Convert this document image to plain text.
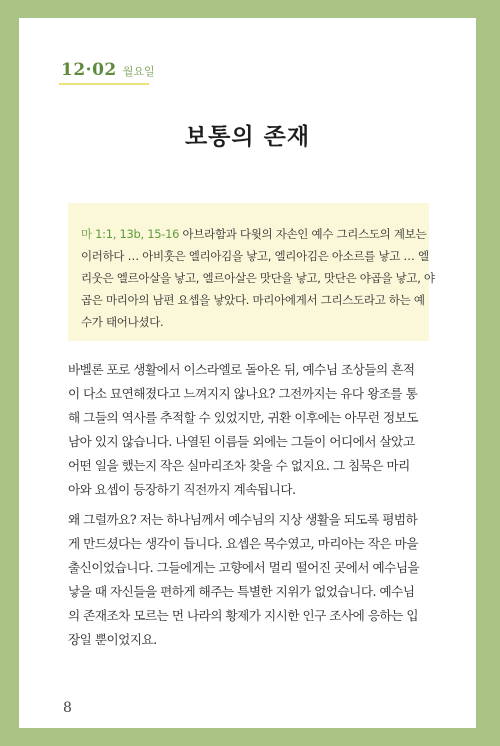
12·02 월요일
보통의 존재
마 1:1, 13b, 15-16 아브라함과 다윗의 자손인 예수 그리스도의 계보는
이러하다 … 아비훗은 엘리아김을 낳고, 엘리아김은 아소르를 낳고 … 엘
리웃은 엘르아살을 낳고, 엘르아살은 맛단을 낳고, 맛단은 야곱을 낳고, 야
곱은 마리아의 남편 요셉을 낳았다. 마리아에게서 그리스도라고 하는 예
수가 태어나셨다.
바벨론 포로 생활에서 이스라엘로 돌아온 뒤, 예수님 조상들의 흔적
이 다소 묘연해졌다고 느껴지지 않나요? 그전까지는 유다 왕조를 통
해 그들의 역사를 추적할 수 있었지만, 귀환 이후에는 아무런 정보도
남아 있지 않습니다. 나열된 이름들 외에는 그들이 어디에서 살았고
어떤 일을 했는지 작은 실마리조차 찾을 수 없지요. 그 침묵은 마리
아와 요셉이 등장하기 직전까지 계속됩니다.
왜 그럴까요? 저는 하나님께서 예수님의 지상 생활을 되도록 평범하
게 만드셨다는 생각이 듭니다. 요셉은 목수였고, 마리아는 작은 마을
출신이었습니다. 그들에게는 고향에서 멀리 떨어진 곳에서 예수님을
낳을 때 자신들을 편하게 해주는 특별한 지위가 없었습니다. 예수님
의 존재조차 모르는 먼 나라의 황제가 지시한 인구 조사에 응하는 입
장일 뿐이었지요.
8
